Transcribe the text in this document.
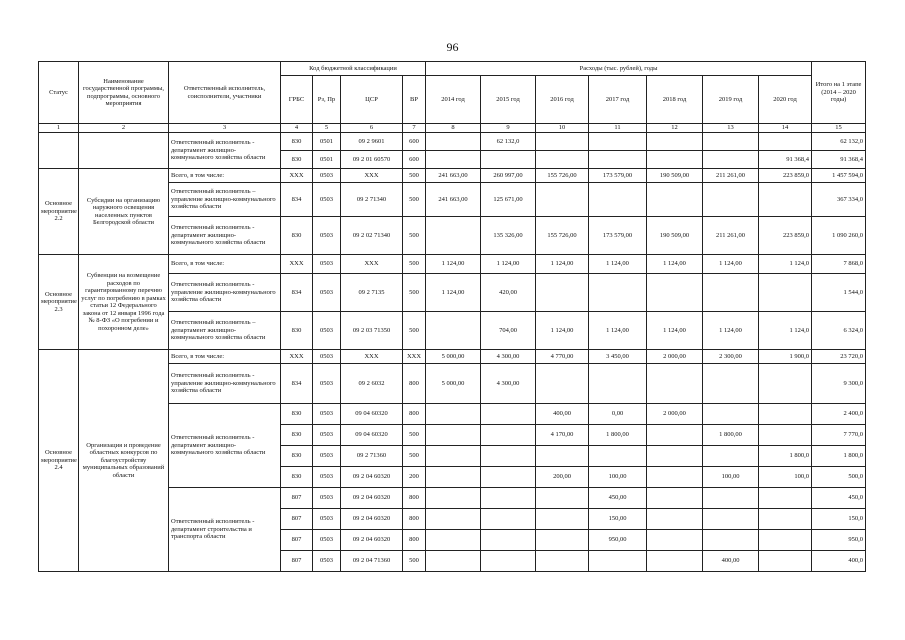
96
Статус	Наименование государственной программы, подпрограммы, основного мероприятия	Ответственный исполнитель, соисполнители, участники	Код бюджетной классификации				Расходы (тыс. рублей), годы							Итого на 1 этапе (2014 – 2020 годы)
			ГРБС	Рз, Пр	ЦСР	ВР	2014 год	2015 год	2016 год	2017 год	2018 год	2019 год	2020 год	
1	2	3	4	5	6	7	8	9	10	11	12	13	14	15
		Ответственный исполнитель - департамент жилищно-коммунального хозяйства области	830	0501	09 2 9601	600		62 132,0						62 132,0
			830	0501	09 2 01 60570	600							91 368,4	91 368,4
Основное мероприятие 2.2	Субсидии на организацию наружного освещения населенных пунктов Белгородской области	Всего, в том числе:	XXX	0503	XXX	500	241 663,00	260 997,00	155 726,00	173 579,00	190 509,00	211 261,00	223 859,0	1 457 594,0
		Ответственный исполнитель – управление жилищно-коммунального хозяйства области	834	0503	09 2 71340	500	241 663,00	125 671,00						367 334,0
		Ответственный исполнитель - департамент жилищно-коммунального хозяйства области	830	0503	09 2 02 71340	500		135 326,00	155 726,00	173 579,00	190 509,00	211 261,00	223 859,0	1 090 260,0
Основное мероприятие 2.3	Субвенции на возмещение расходов по гарантированному перечню услуг по погребению в рамках статьи 12 Федерального закона от 12 января 1996 года № 8-ФЗ «О погребении и похоронном деле»	Всего, в том числе:	XXX	0503	XXX	500	1 124,00	1 124,00	1 124,00	1 124,00	1 124,00	1 124,00	1 124,0	7 868,0
		Ответственный исполнитель - управление жилищно-коммунального хозяйства области	834	0503	09 2 7135	500	1 124,00	420,00						1 544,0
		Ответственный исполнитель – департамент жилищно-коммунального хозяйства области	830	0503	09 2 03 71350	500		704,00	1 124,00	1 124,00	1 124,00	1 124,00	1 124,0	6 324,0
Основное мероприятие 2.4	Организация и проведение областных конкурсов по благоустройству муниципальных образований области	Всего, в том числе:	XXX	0503	XXX	XXX	5 000,00	4 300,00	4 770,00	3 450,00	2 000,00	2 300,00	1 900,0	23 720,0
		Ответственный исполнитель - управление жилищно-коммунального хозяйства области	834	0503	09 2 6032	800	5 000,00	4 300,00						9 300,0
		Ответственный исполнитель - департамент жилищно-коммунального хозяйства области	830	0503	09 04 60320	800			400,00	0,00	2 000,00			2 400,0
			830	0503	09 04 60320	500			4 170,00	1 800,00		1 800,00		7 770,0
			830	0503	09 2 71360	500							1 800,0	1 800,0
			830	0503	09 2 04 60320	200			200,00	100,00		100,00	100,0	500,0
		Ответственный исполнитель - департамент строительства и транспорта области	807	0503	09 2 04 60320	800				450,00				450,0
			807	0503	09 2 04 60320	800				150,00				150,0
			807	0503	09 2 04 60320	800				950,00				950,0
			807	0503	09 2 04 71360	500						400,00		400,0
